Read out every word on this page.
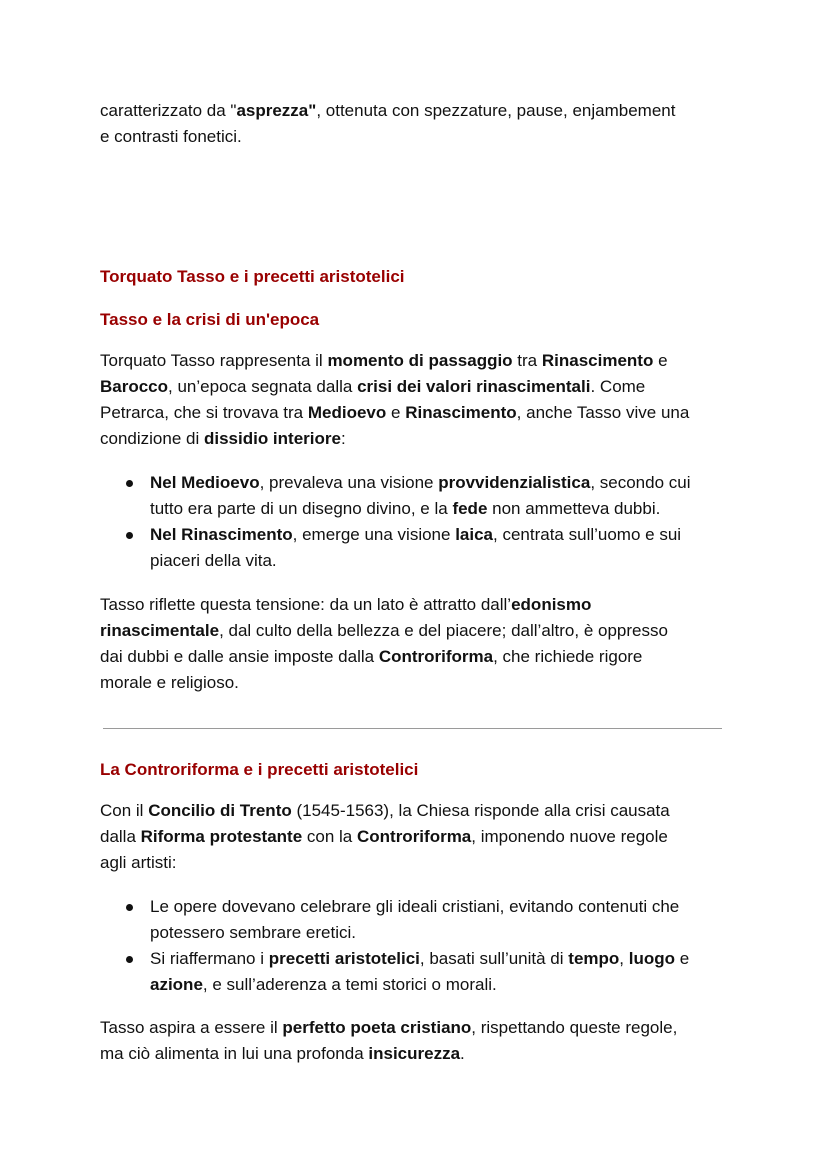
caratterizzato da "asprezza", ottenuta con spezzature, pause, enjambement
e contrasti fonetici.
Torquato Tasso e i precetti aristotelici
Tasso e la crisi di un'epoca
Torquato Tasso rappresenta il momento di passaggio tra Rinascimento e
Barocco, un’epoca segnata dalla crisi dei valori rinascimentali. Come
Petrarca, che si trovava tra Medioevo e Rinascimento, anche Tasso vive una
condizione di dissidio interiore:
Nel Medioevo, prevaleva una visione provvidenzialistica, secondo cui
tutto era parte di un disegno divino, e la fede non ammetteva dubbi.
Nel Rinascimento, emerge una visione laica, centrata sull’uomo e sui
piaceri della vita.
Tasso riflette questa tensione: da un lato è attratto dall’edonismo
rinascimentale, dal culto della bellezza e del piacere; dall’altro, è oppresso
dai dubbi e dalle ansie imposte dalla Controriforma, che richiede rigore
morale e religioso.
La Controriforma e i precetti aristotelici
Con il Concilio di Trento (1545-1563), la Chiesa risponde alla crisi causata
dalla Riforma protestante con la Controriforma, imponendo nuove regole
agli artisti:
Le opere dovevano celebrare gli ideali cristiani, evitando contenuti che
potessero sembrare eretici.
Si riaffermano i precetti aristotelici, basati sull’unità di tempo, luogo e
azione, e sull’aderenza a temi storici o morali.
Tasso aspira a essere il perfetto poeta cristiano, rispettando queste regole,
ma ciò alimenta in lui una profonda insicurezza.
